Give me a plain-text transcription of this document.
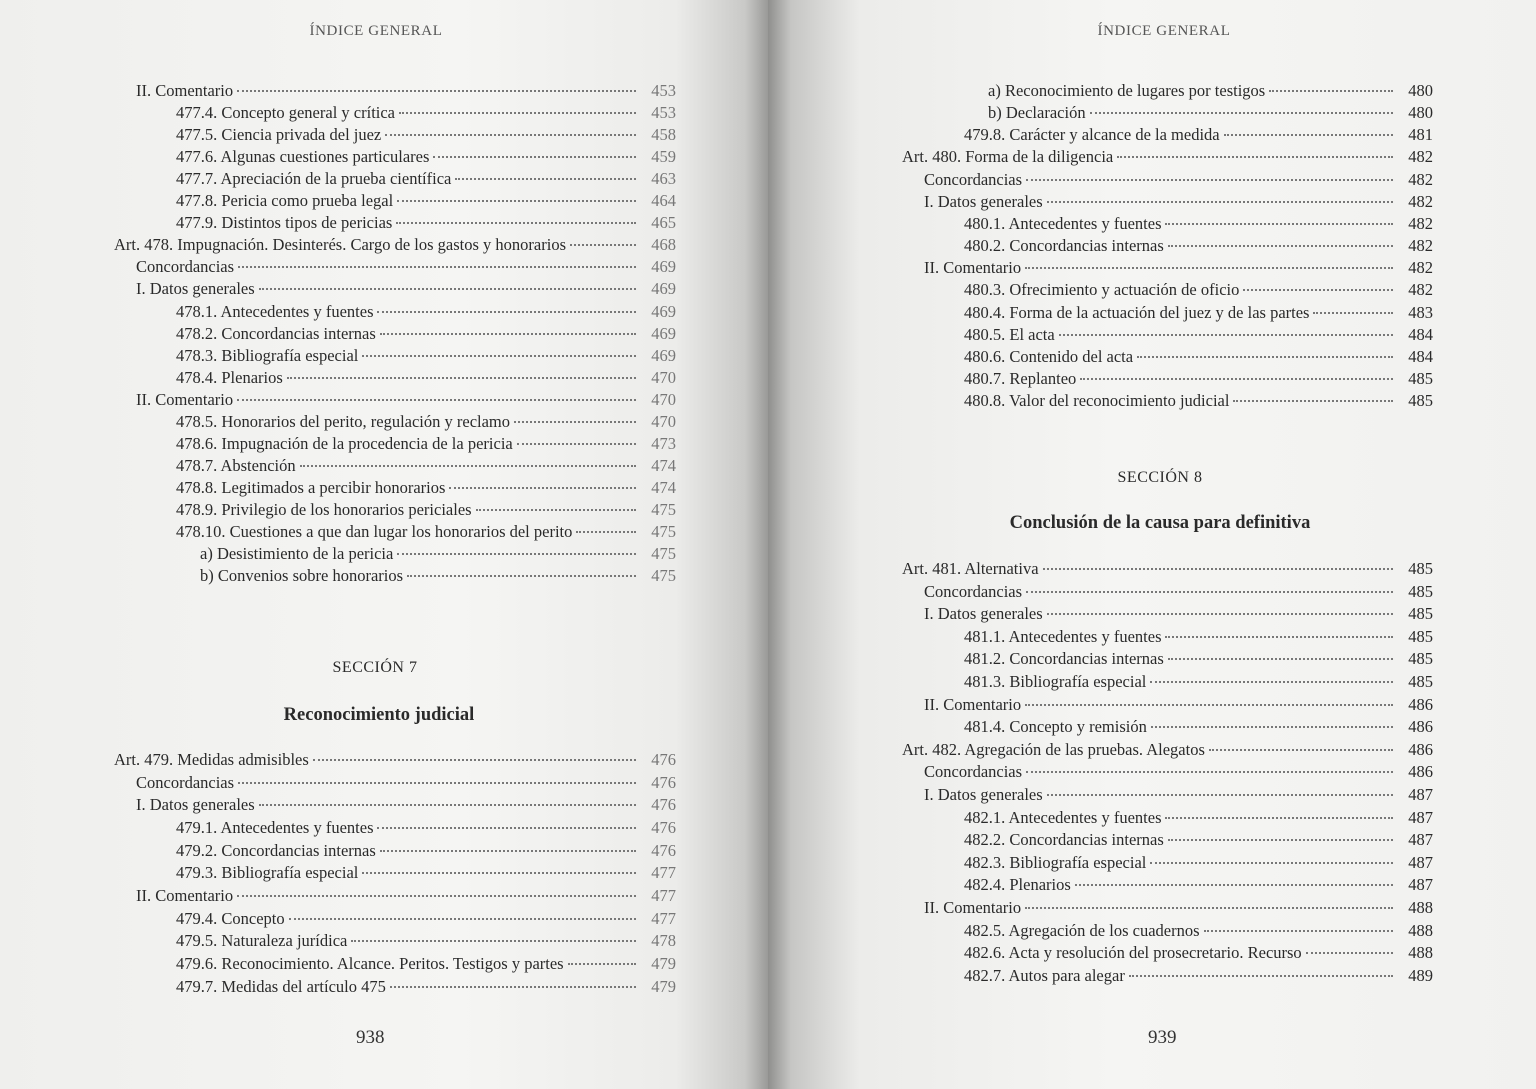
ÍNDICE GENERAL
II. Comentario	453
477.4. Concepto general y crítica	453
477.5. Ciencia privada del juez	458
477.6. Algunas cuestiones particulares	459
477.7. Apreciación de la prueba científica	463
477.8. Pericia como prueba legal	464
477.9. Distintos tipos de pericias	465
Art. 478. Impugnación. Desinterés. Cargo de los gastos y honorarios	468
Concordancias	469
I. Datos generales	469
478.1. Antecedentes y fuentes	469
478.2. Concordancias internas	469
478.3. Bibliografía especial	469
478.4. Plenarios	470
II. Comentario	470
478.5. Honorarios del perito, regulación y reclamo	470
478.6. Impugnación de la procedencia de la pericia	473
478.7. Abstención	474
478.8. Legitimados a percibir honorarios	474
478.9. Privilegio de los honorarios periciales	475
478.10. Cuestiones a que dan lugar los honorarios del perito	475
a) Desistimiento de la pericia	475
b) Convenios sobre honorarios	475
SECCIÓN 7
Reconocimiento judicial
Art. 479. Medidas admisibles	476
Concordancias	476
I. Datos generales	476
479.1. Antecedentes y fuentes	476
479.2. Concordancias internas	476
479.3. Bibliografía especial	477
II. Comentario	477
479.4. Concepto	477
479.5. Naturaleza jurídica	478
479.6. Reconocimiento. Alcance. Peritos. Testigos y partes	479
479.7. Medidas del artículo 475	479
938
ÍNDICE GENERAL
a) Reconocimiento de lugares por testigos	480
b) Declaración	480
479.8. Carácter y alcance de la medida	481
Art. 480. Forma de la diligencia	482
Concordancias	482
I. Datos generales	482
480.1. Antecedentes y fuentes	482
480.2. Concordancias internas	482
II. Comentario	482
480.3. Ofrecimiento y actuación de oficio	482
480.4. Forma de la actuación del juez y de las partes	483
480.5. El acta	484
480.6. Contenido del acta	484
480.7. Replanteo	485
480.8. Valor del reconocimiento judicial	485
SECCIÓN 8
Conclusión de la causa para definitiva
Art. 481. Alternativa	485
Concordancias	485
I. Datos generales	485
481.1. Antecedentes y fuentes	485
481.2. Concordancias internas	485
481.3. Bibliografía especial	485
II. Comentario	486
481.4. Concepto y remisión	486
Art. 482. Agregación de las pruebas. Alegatos	486
Concordancias	486
I. Datos generales	487
482.1. Antecedentes y fuentes	487
482.2. Concordancias internas	487
482.3. Bibliografía especial	487
482.4. Plenarios	487
II. Comentario	488
482.5. Agregación de los cuadernos	488
482.6. Acta y resolución del prosecretario. Recurso	488
482.7. Autos para alegar	489
939
